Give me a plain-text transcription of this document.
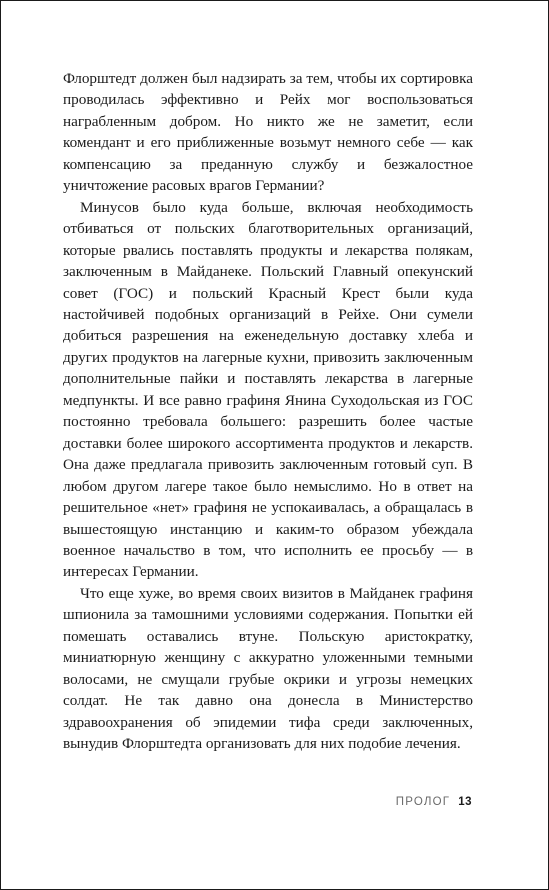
Флорштедт должен был надзирать за тем, чтобы их сортировка проводилась эффективно и Рейх мог воспользоваться награбленным добром. Но никто же не заметит, если комендант и его приближенные возьмут немного себе — как компенсацию за преданную службу и безжалостное уничтожение расовых врагов Германии?

Минусов было куда больше, включая необходимость отбиваться от польских благотворительных организаций, которые рвались поставлять продукты и лекарства полякам, заключенным в Майданеке. Польский Главный опекунский совет (ГОС) и польский Красный Крест были куда настойчивей подобных организаций в Рейхе. Они сумели добиться разрешения на еженедельную доставку хлеба и других продуктов на лагерные кухни, привозить заключенным дополнительные пайки и поставлять лекарства в лагерные медпункты. И все равно графиня Янина Суходольская из ГОС постоянно требовала большего: разрешить более частые доставки более широкого ассортимента продуктов и лекарств. Она даже предлагала привозить заключенным готовый суп. В любом другом лагере такое было немыслимо. Но в ответ на решительное «нет» графиня не успокаивалась, а обращалась в вышестоящую инстанцию и каким-то образом убеждала военное начальство в том, что исполнить ее просьбу — в интересах Германии.

Что еще хуже, во время своих визитов в Майданек графиня шпионила за тамошними условиями содержания. Попытки ей помешать оставались втуне. Польскую аристократку, миниатюрную женщину с аккуратно уложенными темными волосами, не смущали грубые окрики и угрозы немецких солдат. Не так давно она донесла в Министерство здравоохранения об эпидемии тифа среди заключенных, вынудив Флорштедта организовать для них подобие лечения.

ПРОЛОГ 13
